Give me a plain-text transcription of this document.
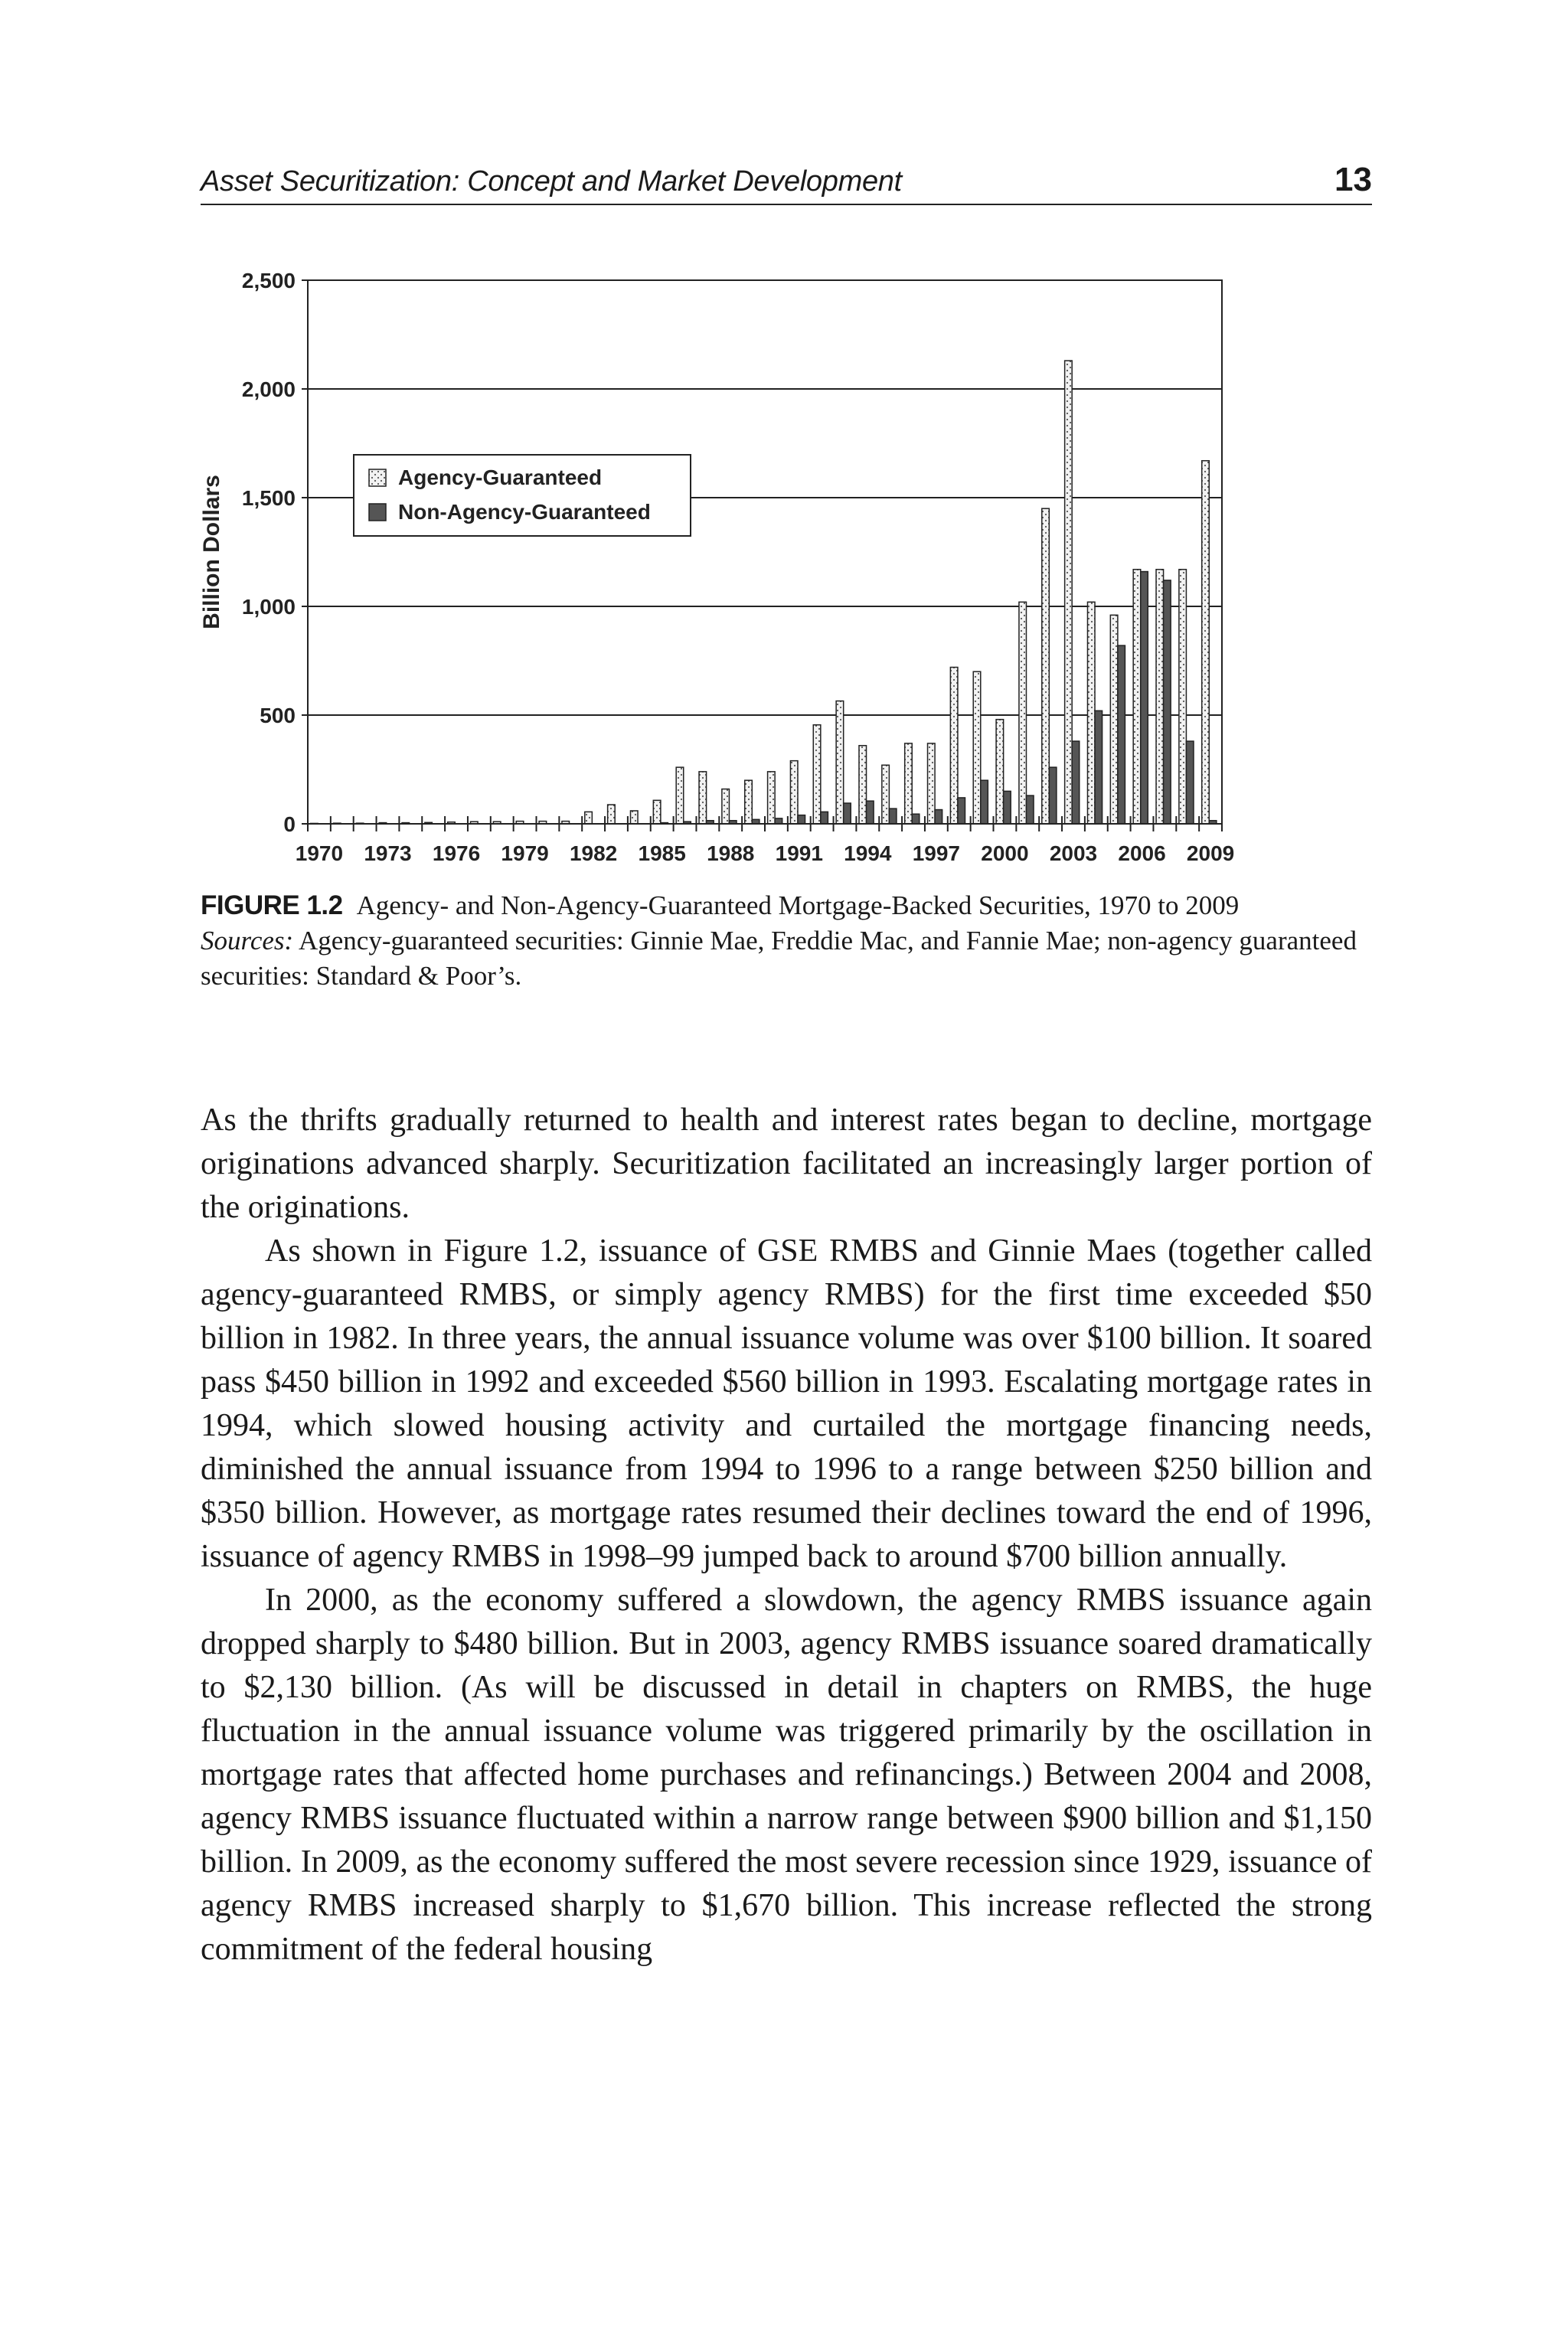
Asset Securitization: Concept and Market Development	13
1970 1973 1976 1979 1982 1985 1988 1991 1994 1997 2000 2003 2006 2009
0
500
1,000
1,500
2,000
2,500
Billion Dollars	Agency-Guaranteed
Non-Agency-Guaranteed
FIGURE 1.2 Agency- and Non-Agency-Guaranteed Mortgage-Backed Securities, 1970 to 2009
Sources: Agency-guaranteed securities: Ginnie Mae, Freddie Mac, and Fannie Mae; non-agency guaranteed securities: Standard & Poor’s.

As the thrifts gradually returned to health and interest rates began to decline, mortgage originations advanced sharply. Securitization facilitated an increasingly larger portion of the originations.

As shown in Figure 1.2, issuance of GSE RMBS and Ginnie Maes (together called agency-guaranteed RMBS, or simply agency RMBS) for the first time exceeded $50 billion in 1982. In three years, the annual issuance volume was over $100 billion. It soared pass $450 billion in 1992 and exceeded $560 billion in 1993. Escalating mortgage rates in 1994, which slowed housing activity and curtailed the mortgage financing needs, diminished the annual issuance from 1994 to 1996 to a range between $250 billion and $350 billion. However, as mortgage rates resumed their declines toward the end of 1996, issuance of agency RMBS in 1998–99 jumped back to around $700 billion annually.

In 2000, as the economy suffered a slowdown, the agency RMBS issuance again dropped sharply to $480 billion. But in 2003, agency RMBS issuance soared dramatically to $2,130 billion. (As will be discussed in detail in chapters on RMBS, the huge fluctuation in the annual issuance volume was triggered primarily by the oscillation in mortgage rates that affected home purchases and refinancings.) Between 2004 and 2008, agency RMBS issuance fluctuated within a narrow range between $900 billion and $1,150 billion. In 2009, as the economy suffered the most severe recession since 1929, issuance of agency RMBS increased sharply to $1,670 billion. This increase reflected the strong commitment of the federal housing
